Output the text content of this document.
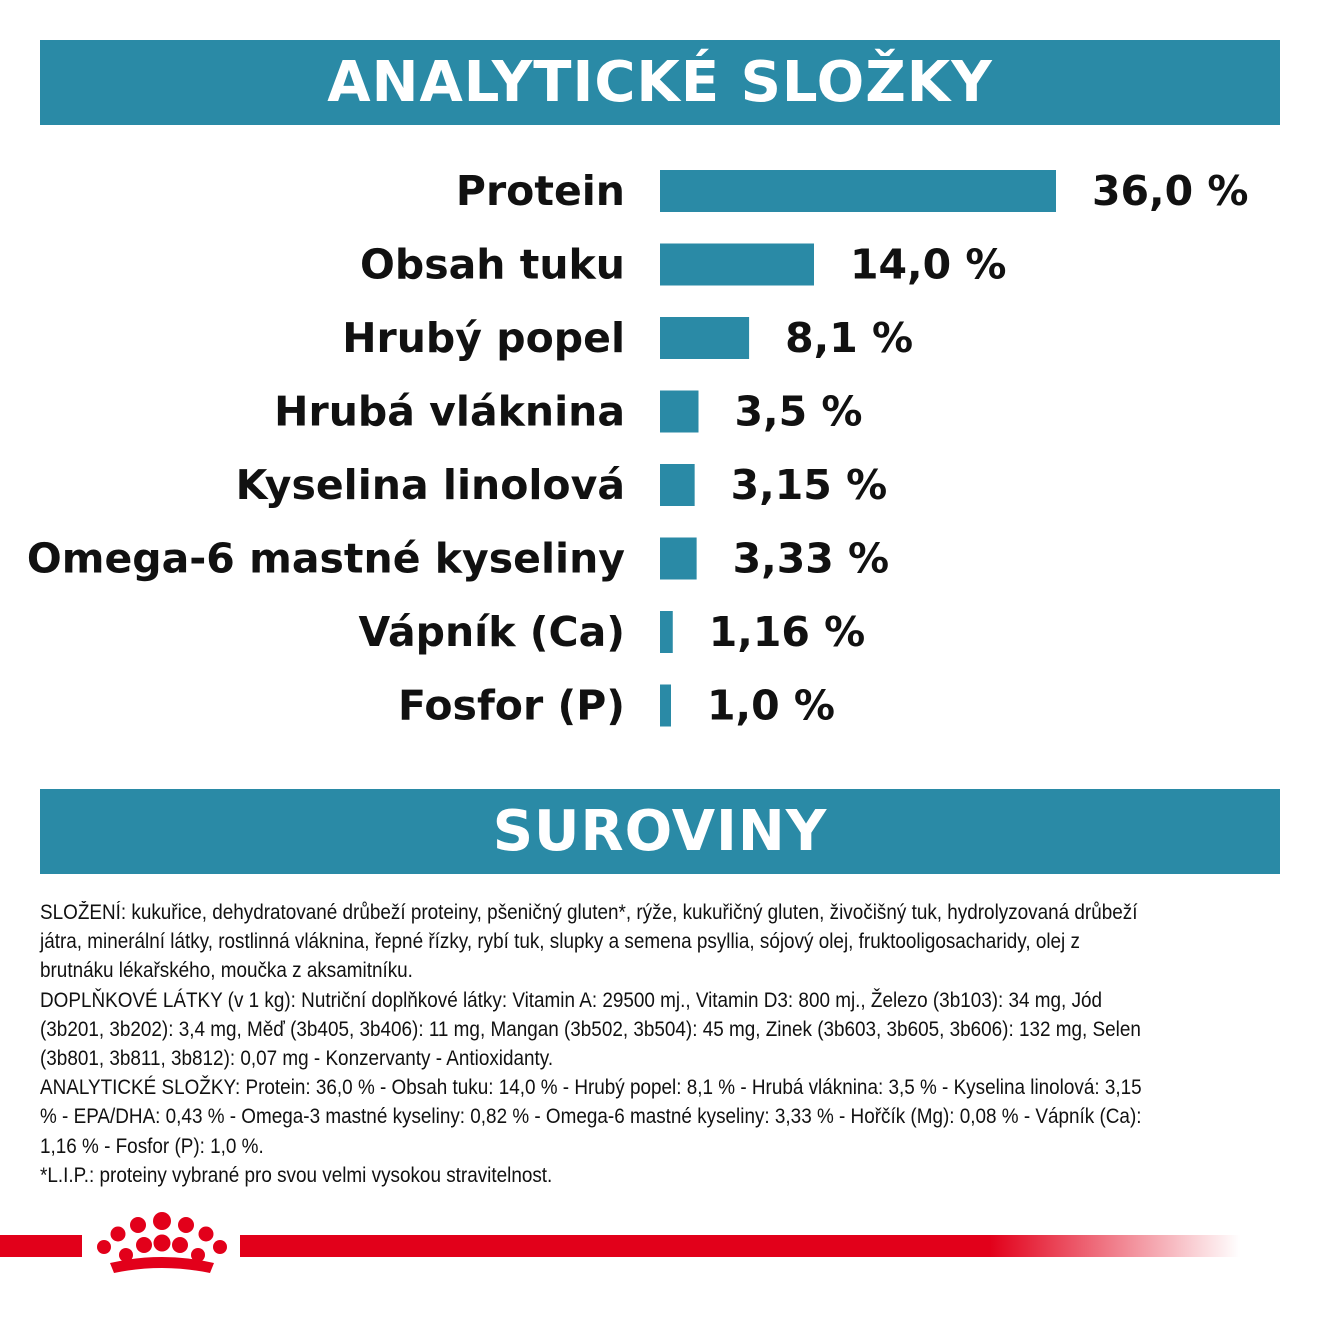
ANALYTICKÉ SLOŽKY
Protein	36,0 %
Obsah tuku	14,0 %
Hrubý popel	8,1 %
Hrubá vláknina	3,5 %
Kyselina linolová	3,15 %
Omega-6 mastné kyseliny	3,33 %
Vápník (Ca) 1,16 %
Fosfor (P) 1,0 %
SUROVINY

SLOŽENÍ: kukuřice, dehydratované drůbeží proteiny, pšeničný gluten*, rýže, kukuřičný gluten, živočišný tuk, hydrolyzovaná drůbeží játra, minerální látky, rostlinná vláknina, řepné řízky, rybí tuk, slupky a semena psyllia, sójový olej, fruktooligosacharidy, olej z brutnáku lékařského, moučka z aksamitníku.

DOPLŇKOVÉ LÁTKY (v 1 kg): Nutriční doplňkové látky: Vitamin A: 29500 mj., Vitamin D3: 800 mj., Železo (3b103): 34 mg, Jód (3b201, 3b202): 3,4 mg, Měď (3b405, 3b406): 11 mg, Mangan (3b502, 3b504): 45 mg, Zinek (3b603, 3b605, 3b606): 132 mg, Selen (3b801, 3b811, 3b812): 0,07 mg - Konzervanty - Antioxidanty.

ANALYTICKÉ SLOŽKY: Protein: 36,0 % - Obsah tuku: 14,0 % - Hrubý popel: 8,1 % - Hrubá vláknina: 3,5 % - Kyselina linolová: 3,15 % - EPA/DHA: 0,43 % - Omega-3 mastné kyseliny: 0,82 % - Omega-6 mastné kyseliny: 3,33 % - Hořčík (Mg): 0,08 % - Vápník (Ca): 1,16 % - Fosfor (P): 1,0 %.

*L.I.P.: proteiny vybrané pro svou velmi vysokou stravitelnost.
